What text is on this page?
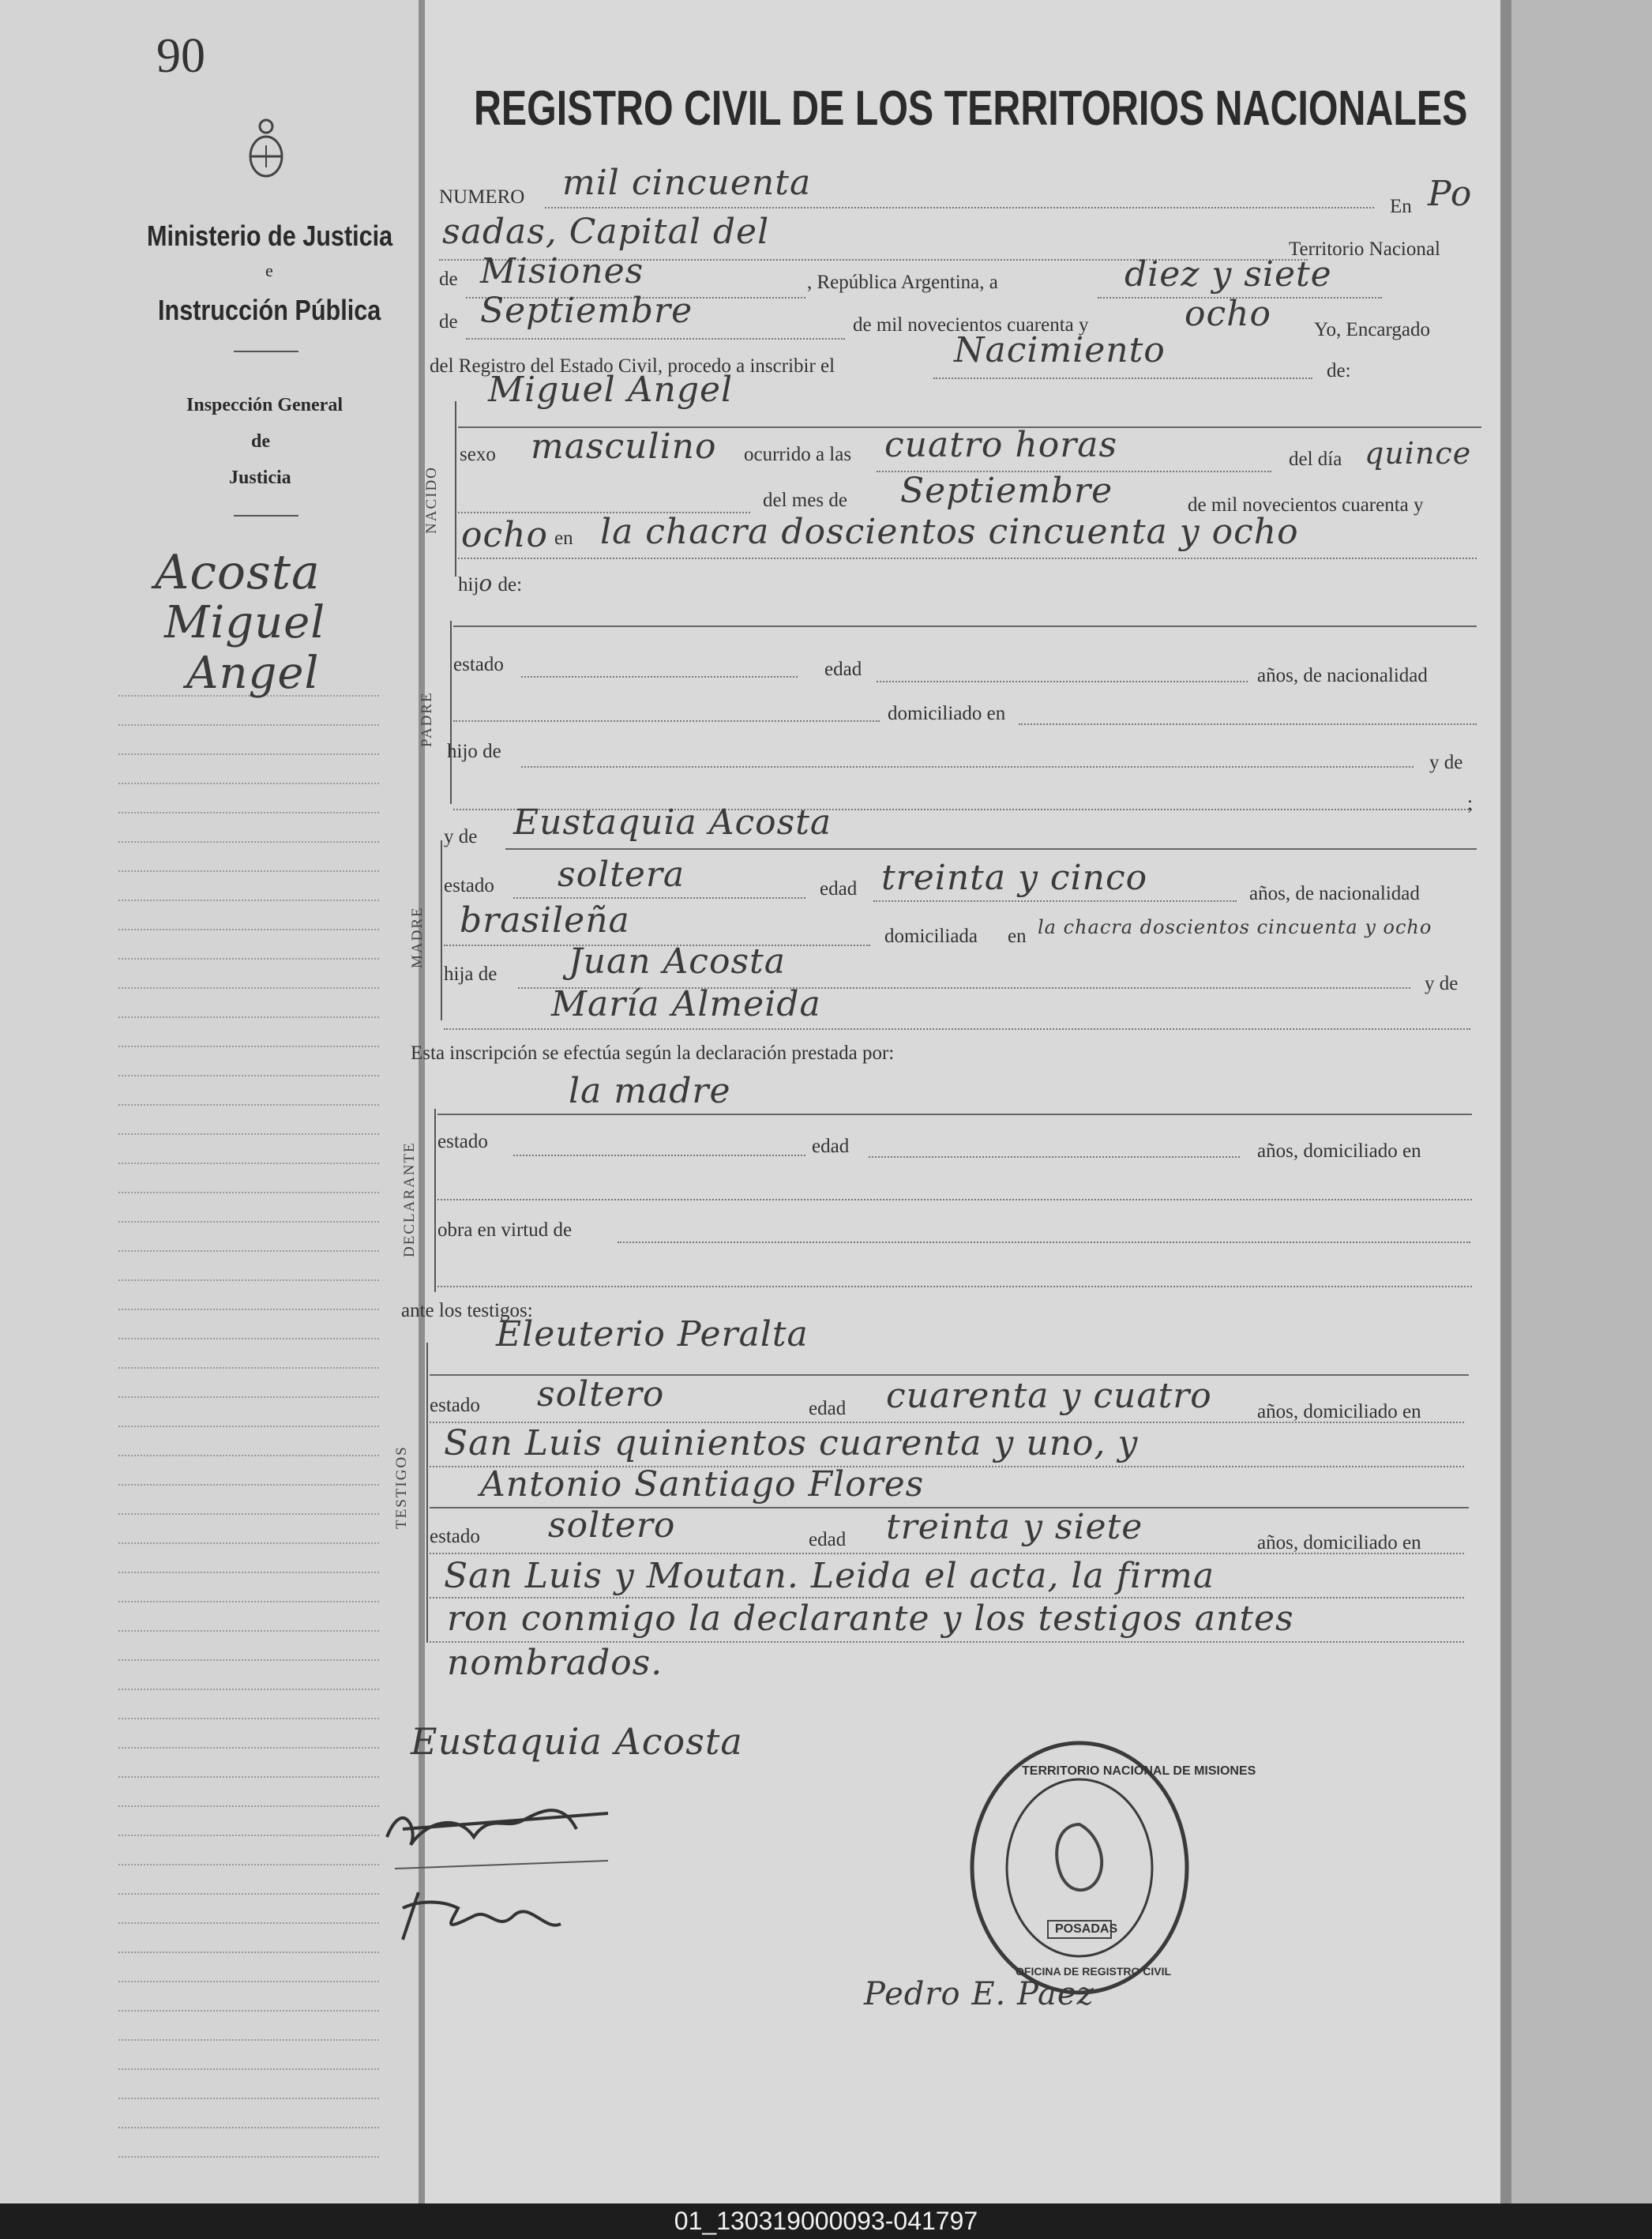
90
Ministerio de Justicia
e
Instrucción Pública
Inspección General
de
Justicia
Acosta
Miguel
Angel
REGISTRO CIVIL DE LOS TERRITORIOS NACIONALES
NUMERO mil cincuenta
En Po
sadas, Capital del	Territorio Nacional
de Misiones	, República Argentina, a	diez y siete
de Septiembre	de mil novecientos cuarenta y	ocho Yo, Encargado
del Registro del Estado Civil, procedo a inscribir el	Nacimiento
de:
NACIDO
Miguel Angel
sexo masculino ocurrido a las cuatro horas	del día quince
del mes de Septiembre	de mil novecientos cuarenta y
ocho en la chacra doscientos cincuenta y ocho
hijo de:
PADRE
estado	edad	años, de nacionalidad
domiciliado en
hijo de
y de
;
MADRE
y de Eustaquia Acosta
estado soltera	edad treinta y cinco	años, de nacionalidad
brasileña	domiciliada en la chacra doscientos cincuenta y ocho
hija de Juan Acosta
y de
María Almeida
Esta inscripción se efectúa según la declaración prestada por:
DECLARANTE
la madre
estado	edad	años, domiciliado en
obra en virtud de
ante los testigos:
TESTIGOS
Eleuterio Peralta
estado soltero	edad cuarenta y cuatro años, domiciliado en
San Luis quinientos cuarenta y uno, y
Antonio Santiago Flores
estado soltero	edad treinta y siete	años, domiciliado en
San Luis y Moutan. Leida el acta, la firma
ron conmigo la declarante y los testigos antes
nombrados.
Eustaquia Acosta
TERRITORIO NACIONAL DE MISIONES
POSADAS
OFICINA DE REGISTRO CIVIL
Pedro E. Paez
01_130319000093-041797
